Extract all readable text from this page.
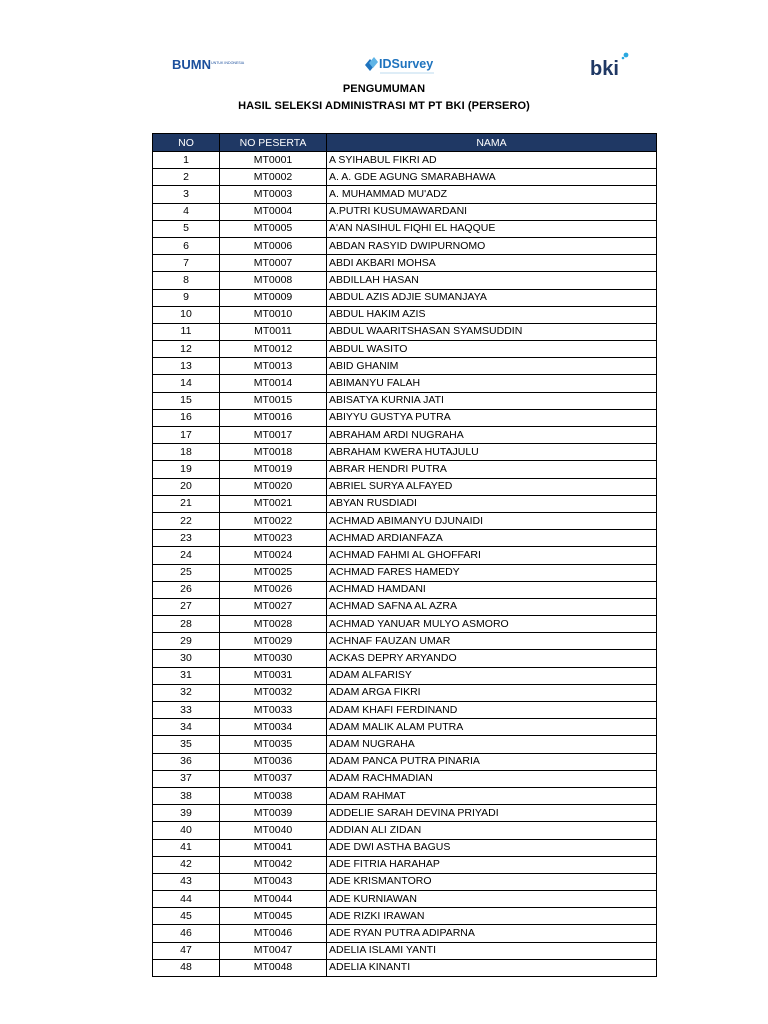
BUMN UNTUK INDONESIA	IDSurvey	bki
PENGUMUMAN
HASIL SELEKSI ADMINISTRASI MT PT BKI (PERSERO)
NO	NO PESERTA	NAMA
1	MT0001	A SYIHABUL FIKRI AD
2	MT0002	A. A. GDE AGUNG SMARABHAWA
3	MT0003	A. MUHAMMAD MU'ADZ
4	MT0004	A.PUTRI KUSUMAWARDANI
5	MT0005	A'AN NASIHUL FIQHI EL HAQQUE
6	MT0006	ABDAN RASYID DWIPURNOMO
7	MT0007	ABDI AKBARI MOHSA
8	MT0008	ABDILLAH HASAN
9	MT0009	ABDUL AZIS ADJIE SUMANJAYA
10	MT0010	ABDUL HAKIM AZIS
11	MT0011	ABDUL WAARITSHASAN SYAMSUDDIN
12	MT0012	ABDUL WASITO
13	MT0013	ABID GHANIM
14	MT0014	ABIMANYU FALAH
15	MT0015	ABISATYA KURNIA JATI
16	MT0016	ABIYYU GUSTYA PUTRA
17	MT0017	ABRAHAM ARDI NUGRAHA
18	MT0018	ABRAHAM KWERA HUTAJULU
19	MT0019	ABRAR HENDRI PUTRA
20	MT0020	ABRIEL SURYA ALFAYED
21	MT0021	ABYAN RUSDIADI
22	MT0022	ACHMAD ABIMANYU DJUNAIDI
23	MT0023	ACHMAD ARDIANFAZA
24	MT0024	ACHMAD FAHMI AL GHOFFARI
25	MT0025	ACHMAD FARES HAMEDY
26	MT0026	ACHMAD HAMDANI
27	MT0027	ACHMAD SAFNA AL AZRA
28	MT0028	ACHMAD YANUAR MULYO ASMORO
29	MT0029	ACHNAF FAUZAN UMAR
30	MT0030	ACKAS DEPRY ARYANDO
31	MT0031	ADAM ALFARISY
32	MT0032	ADAM ARGA FIKRI
33	MT0033	ADAM KHAFI FERDINAND
34	MT0034	ADAM MALIK ALAM PUTRA
35	MT0035	ADAM NUGRAHA
36	MT0036	ADAM PANCA PUTRA PINARIA
37	MT0037	ADAM RACHMADIAN
38	MT0038	ADAM RAHMAT
39	MT0039	ADDELIE SARAH DEVINA PRIYADI
40	MT0040	ADDIAN ALI ZIDAN
41	MT0041	ADE DWI ASTHA BAGUS
42	MT0042	ADE FITRIA HARAHAP
43	MT0043	ADE KRISMANTORO
44	MT0044	ADE KURNIAWAN
45	MT0045	ADE RIZKI IRAWAN
46	MT0046	ADE RYAN PUTRA ADIPARNA
47	MT0047	ADELIA ISLAMI YANTI
48	MT0048	ADELIA KINANTI
